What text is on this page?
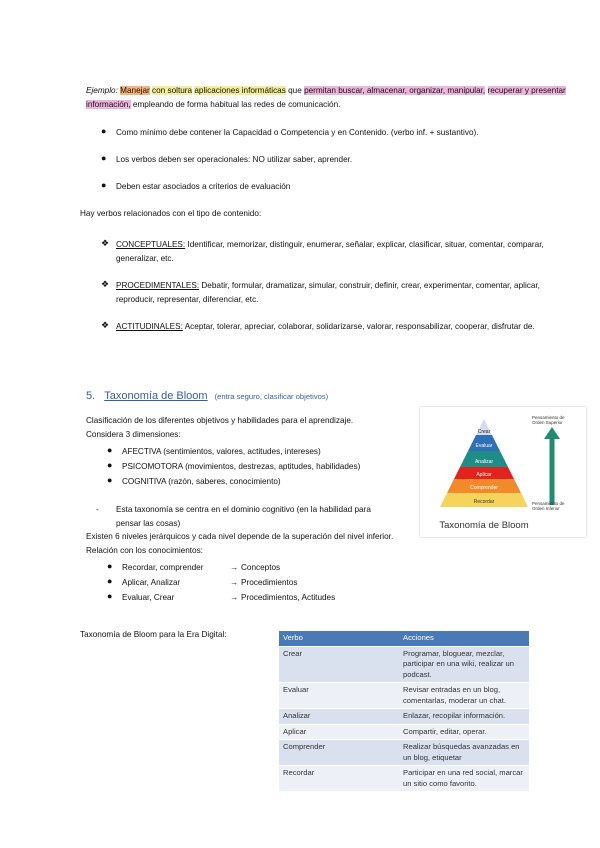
Ejemplo: Manejar con soltura aplicaciones informáticas que permitan buscar, almacenar, organizar, manipular, recuperar y presentar información, empleando de forma habitual las redes de comunicación.
● Como mínimo debe contener la Capacidad o Competencia y en Contenido. (verbo inf. + sustantivo).
● Los verbos deben ser operacionales: NO utilizar saber, aprender.
● Deben estar asociados a criterios de evaluación
Hay verbos relacionados con el tipo de contenido:
❖ CONCEPTUALES: Identificar, memorizar, distinguir, enumerar, señalar, explicar, clasificar, situar, comentar, comparar, generalizar, etc.
❖ PROCEDIMENTALES: Debatir, formular, dramatizar, simular, construir, definir, crear, experimentar, comentar, aplicar, reproducir, representar, diferenciar, etc.
❖ ACTITUDINALES: Aceptar, tolerar, apreciar, colaborar, solidarizarse, valorar, responsabilizar, cooperar, disfrutar de.
5. Taxonomía de Bloom (entra seguro, clasificar objetivos)
Clasificación de los diferentes objetivos y habilidades para el aprendizaje.
Considera 3 dimensiones:
● AFECTIVA (sentimientos, valores, actitudes, intereses)
● PSICOMOTORA (movimientos, destrezas, aptitudes, habilidades)
● COGNITIVA (razón, saberes, conocimiento)
- Esta taxonomía se centra en el dominio cognitivo (en la habilidad para pensar las cosas)
Existen 6 niveles jerárquicos y cada nivel depende de la superación del nivel inferior. Relación con los conocimientos:
● Recordar, comprender	→ Conceptos
● Aplicar, Analizar	→ Procedimientos
● Evaluar, Crear	→ Procedimientos, Actitudes
Crear
Evaluar
Analizar
Aplicar
Comprender
Recordar
Pensamiento de
Orden Superior
Pensamiento de
Orden Inferior
Taxonomía de Bloom
Taxonomía de Bloom para la Era Digital:	Verbo	Acciones
Crear	Programar, bloguear, mezclar, participar en una wiki, realizar un podcast.
Evaluar	Revisar entradas en un blog, comentarlas, moderar un chat.
Analizar	Enlazar, recopilar información.
Aplicar	Compartir, editar, operar.
Comprender	Realizar búsquedas avanzadas en un blog, etiquetar
Recordar	Participar en una red social, marcar un sitio como favorito.
